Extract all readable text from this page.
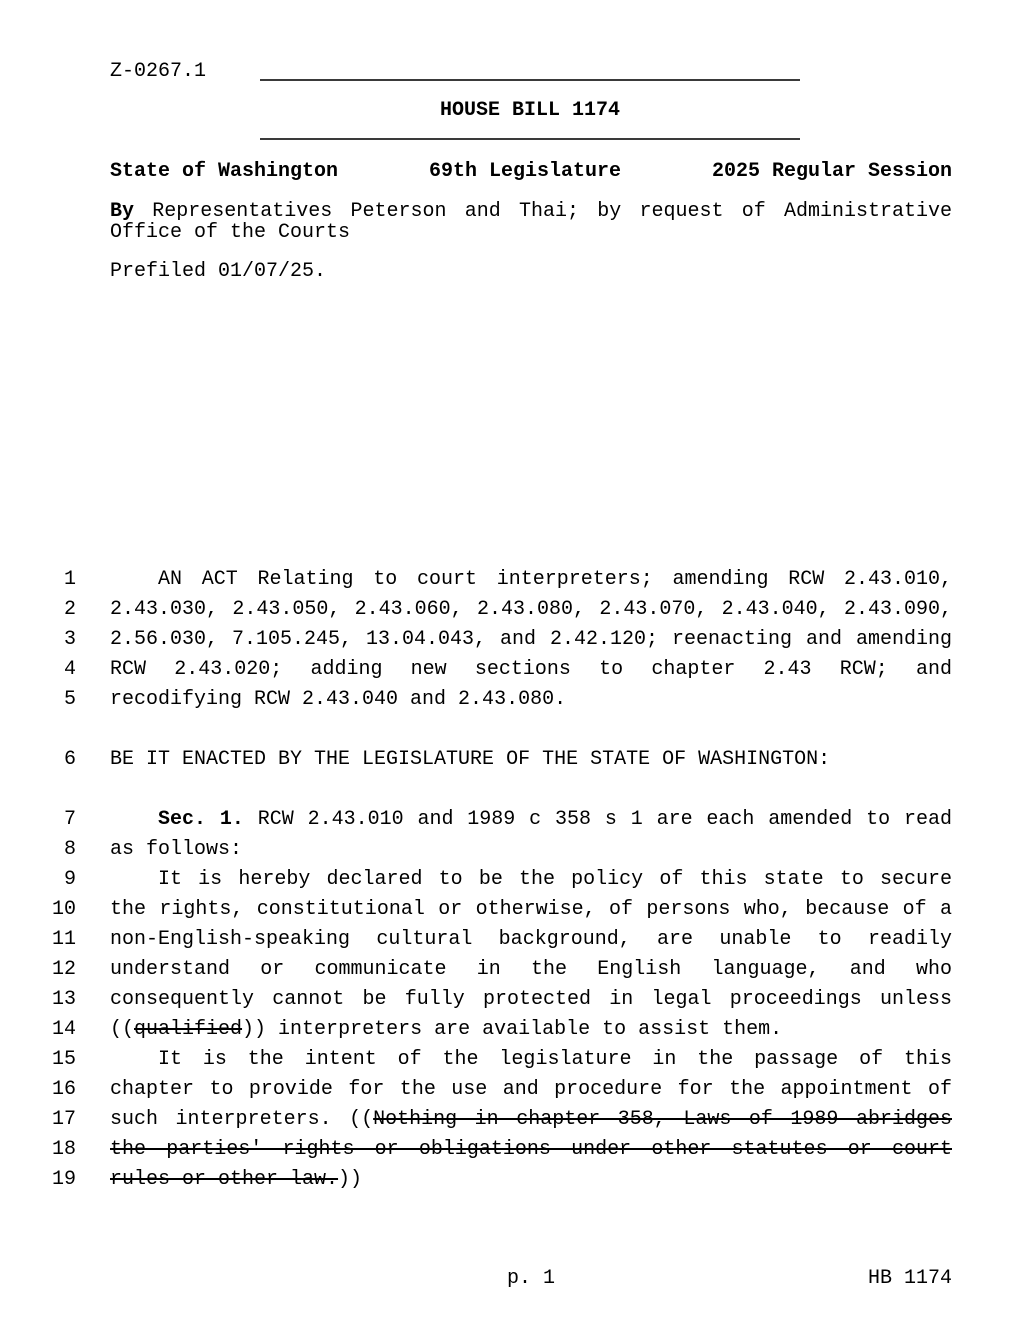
Z-0267.1
HOUSE BILL 1174
State of Washington	69th Legislature	2025 Regular Session
By Representatives Peterson and Thai; by request of Administrative Office of the Courts
Prefiled 01/07/25.
1	AN ACT Relating to court interpreters; amending RCW 2.43.010,
2 2.43.030, 2.43.050, 2.43.060, 2.43.080, 2.43.070, 2.43.040, 2.43.090,
3 2.56.030, 7.105.245, 13.04.043, and 2.42.120; reenacting and amending
4 RCW 2.43.020; adding new sections to chapter 2.43 RCW; and
5 recodifying RCW 2.43.040 and 2.43.080.
6 BE IT ENACTED BY THE LEGISLATURE OF THE STATE OF WASHINGTON:
7	Sec. 1. RCW 2.43.010 and 1989 c 358 s 1 are each amended to read
8 as follows:
9	It is hereby declared to be the policy of this state to secure
10 the rights, constitutional or otherwise, of persons who, because of a
11 non-English-speaking cultural background, are unable to readily
12 understand or communicate in the English language, and who
13 consequently cannot be fully protected in legal proceedings unless
14 ((qualified)) interpreters are available to assist them.
15	It is the intent of the legislature in the passage of this
16 chapter to provide for the use and procedure for the appointment of
17 such interpreters. ((Nothing in chapter 358, Laws of 1989 abridges
18 the parties' rights or obligations under other statutes or court
19 rules or other law.))
p. 1	HB 1174
